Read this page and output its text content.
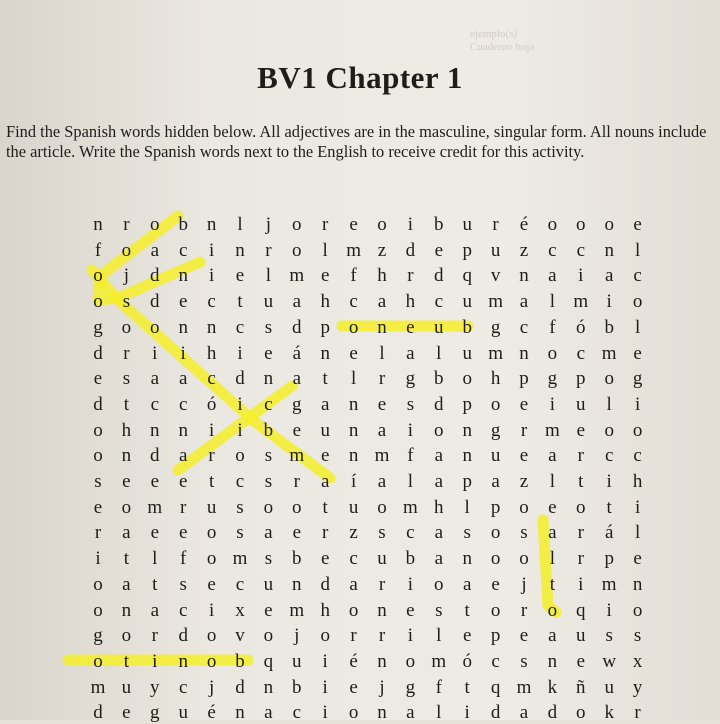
ejemplo(s)
Cuaderno hoja
BV1 Chapter 1
Find the Spanish words hidden below. All adjectives are in the masculine, singular form. All nouns include the article. Write the Spanish words next to the English to receive credit for this activity.
n	r	o b n	l	j	o	r	e	o	i	b u	r	é	o o o	e
f	o	a	c	i	n	r	o	l m z	d	e	p u	z	c	c	n	l
o	j	d n	i	e	l m e	f	h	r	d q v n	a	i	a	c
o	s	d	e	c	t	u	a	h	c	a	h	c	u m a	l m i	o
g o o n n	c	s	d p o n	e	u b g	c	f	ó b	l
d	r	i	i	h	i	e	á	n	e	l	a	l	u m n o	c m e
e	s	a	a	c	d n	a	t	l	r	g b o h p g p o g
d	t	c	c	ó	i	c	g	a	n	e	s	d p o	e	i	u	l	i
o h n n	i	i	b	e	u n	a	i	o n g	r m e	o o
o n d	a	r	o	s m e	n m f	a	n u	e	a	r	c	c
s	e	e	e	t	c	s	r	a	í	a	l	a	p	a	z	l	t	i	h
e	o m r	u	s	o o	t	u o m h	l	p o	e	o	t	i
r	a	e	e	o	s	a	e	r	z	s	c	a	s	o	s	a	r	á	l
i	t	l	f	o m s	b	e	c	u b	a	n o o	l	r	p	e
o	a	t	s	e	c	u n d	a	r	i	o	a	e	j	t	i m n
o n	a	c	i	x	e m h o n	e	s	t	o	r	o q	i	o
g o	r	d o v o	j	o	r	r	i	l	e	p	e	a	u	s	s
o	t	i	n o b q u	i	é	n o m ó	c	s	n	e w x
m u y	c	j	d n b	i	e	j	g	f	t	q m k ñ u y
d	e	g u	é	n	a	c	i	o n	a	l	i	d	a	d o k	r
